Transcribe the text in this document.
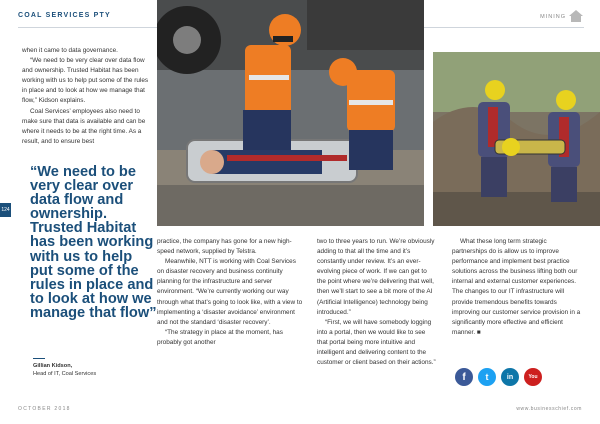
COAL SERVICES PTY	MINING

when it came to data governance.

“We need to be very clear over data flow and ownership. Trusted Habitat has been working with us to help put some of the rules in place and to look at how we manage that flow,” Kidson explains.

Coal Services’ employees also need to make sure that data is available and can be where it needs to be at the right time. As a result, and to ensure best

“We need to be very clear over data flow and ownership. Trusted Habitat has been working with us to help put some of the rules in place and to look at how we manage that flow”
Gillian Kidson,
Head of IT, Coal Services
124

practice, the company has gone for a new high-speed network, supplied by Telstra.

Meanwhile, NTT is working with Coal Services on disaster recovery and business continuity planning for the infrastructure and server environment. “We’re currently working our way through what that’s going to look like, with a view to implementing a ‘disaster avoidance’ environment and not the standard ‘disaster recovery’.

“The strategy in place at the moment, has probably got another

two to three years to run. We’re obviously adding to that all the time and it’s constantly under review. It’s an ever-evolving piece of work. If we can get to the point where we’re delivering that well, then we’ll start to see a bit more of the AI (Artificial Intelligence) technology being introduced.”

“First, we will have somebody logging into a portal, then we would like to see that portal being more intuitive and intelligent and delivering content to the customer or client based on their actions.”

What these long term strategic partnerships do is allow us to improve performance and implement best practice solutions across the business lifting both our internal and external customer experiences. The changes to our IT infrastructure will provide tremendous benefits towards improving our customer service provision in a significantly more effective and efficient manner. ■

f	t	in	You
OCTOBER 2018	www.businesschief.com
